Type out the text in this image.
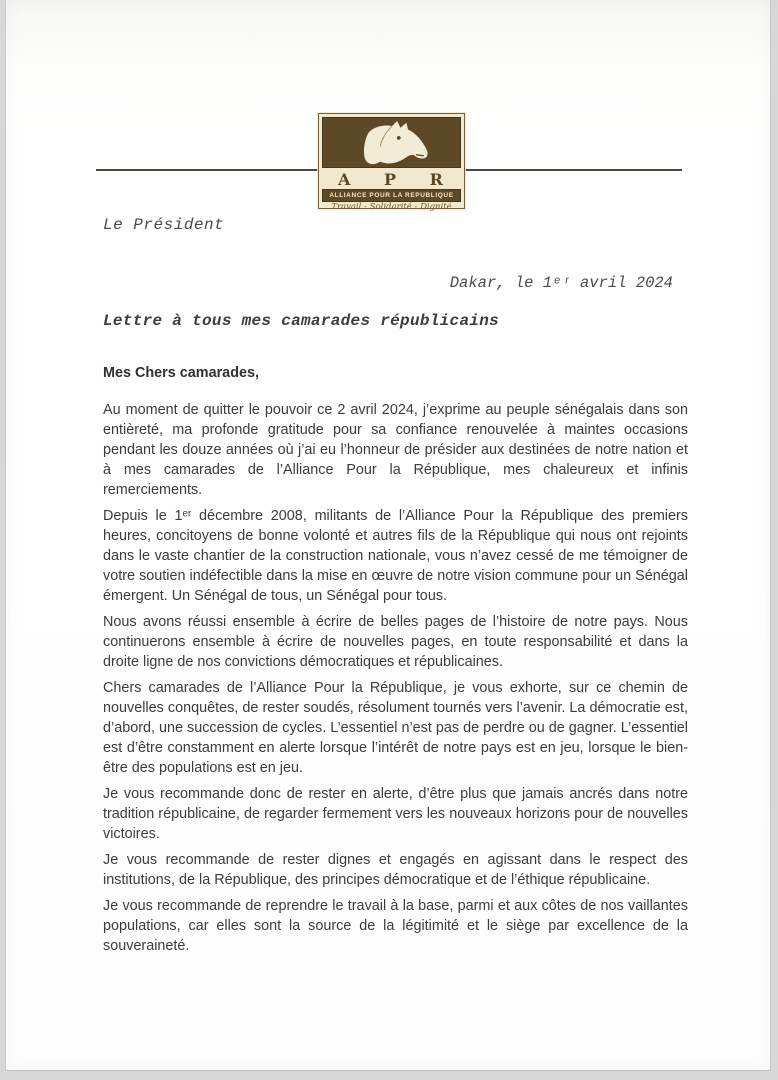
A P R
ALLIANCE POUR LA REPUBLIQUE
Travail - Solidarité - Dignité
Le Président
Dakar, le 1ᵉʳ avril 2024
Lettre à tous mes camarades républicains

Mes Chers camarades,

Au moment de quitter le pouvoir ce 2 avril 2024, j’exprime au peuple sénégalais dans son entièreté, ma profonde gratitude pour sa confiance renouvelée à maintes occasions pendant les douze années où j’ai eu l’honneur de présider aux destinées de notre nation et à mes camarades de l’Alliance Pour la République, mes chaleureux et infinis remerciements.

Depuis le 1ᵉʳ décembre 2008, militants de l’Alliance Pour la République des premiers heures, concitoyens de bonne volonté et autres fils de la République qui nous ont rejoints dans le vaste chantier de la construction nationale, vous n’avez cessé de me témoigner de votre soutien indéfectible dans la mise en œuvre de notre vision commune pour un Sénégal émergent. Un Sénégal de tous, un Sénégal pour tous.

Nous avons réussi ensemble à écrire de belles pages de l’histoire de notre pays. Nous continuerons ensemble à écrire de nouvelles pages, en toute responsabilité et dans la droite ligne de nos convictions démocratiques et républicaines.

Chers camarades de l’Alliance Pour la République, je vous exhorte, sur ce chemin de nouvelles conquêtes, de rester soudés, résolument tournés vers l’avenir. La démocratie est, d’abord, une succession de cycles. L’essentiel n’est pas de perdre ou de gagner. L’essentiel est d’être constamment en alerte lorsque l’intérêt de notre pays est en jeu, lorsque le bien-être des populations est en jeu.

Je vous recommande donc de rester en alerte, d’être plus que jamais ancrés dans notre tradition républicaine, de regarder fermement vers les nouveaux horizons pour de nouvelles victoires.

Je vous recommande de rester dignes et engagés en agissant dans le respect des institutions, de la République, des principes démocratique et de l’éthique républicaine.

Je vous recommande de reprendre le travail à la base, parmi et aux côtes de nos vaillantes populations, car elles sont la source de la légitimité et le siège par excellence de la souveraineté.
